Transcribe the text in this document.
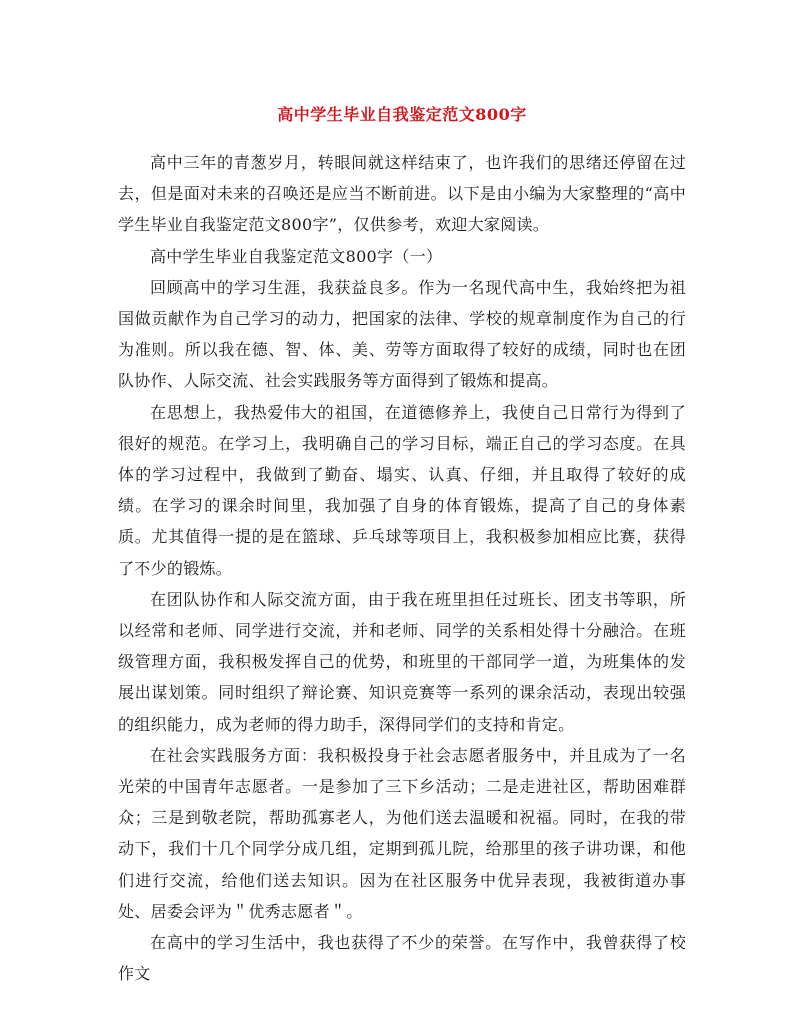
高中学生毕业自我鉴定范文800字

高中三年的青葱岁月，转眼间就这样结束了，也许我们的思绪还停留在过去，但是面对未来的召唤还是应当不断前进。以下是由小编为大家整理的“高中学生毕业自我鉴定范文800字”，仅供参考，欢迎大家阅读。

高中学生毕业自我鉴定范文800字（一）

回顾高中的学习生涯，我获益良多。作为一名现代高中生，我始终把为祖国做贡献作为自己学习的动力，把国家的法律、学校的规章制度作为自己的行为准则。所以我在德、智、体、美、劳等方面取得了较好的成绩，同时也在团队协作、人际交流、社会实践服务等方面得到了锻炼和提高。

在思想上，我热爱伟大的祖国，在道德修养上，我使自己日常行为得到了很好的规范。在学习上，我明确自己的学习目标，端正自己的学习态度。在具体的学习过程中，我做到了勤奋、塌实、认真、仔细，并且取得了较好的成绩。在学习的课余时间里，我加强了自身的体育锻炼，提高了自己的身体素质。尤其值得一提的是在篮球、乒乓球等项目上，我积极参加相应比赛，获得了不少的锻炼。

在团队协作和人际交流方面，由于我在班里担任过班长、团支书等职，所以经常和老师、同学进行交流，并和老师、同学的关系相处得十分融洽。在班级管理方面，我积极发挥自己的优势，和班里的干部同学一道，为班集体的发展出谋划策。同时组织了辩论赛、知识竞赛等一系列的课余活动，表现出较强的组织能力，成为老师的得力助手，深得同学们的支持和肯定。

在社会实践服务方面：我积极投身于社会志愿者服务中，并且成为了一名光荣的中国青年志愿者。一是参加了三下乡活动；二是走进社区，帮助困难群众；三是到敬老院，帮助孤寡老人，为他们送去温暖和祝福。同时，在我的带动下，我们十几个同学分成几组，定期到孤儿院，给那里的孩子讲功课，和他们进行交流，给他们送去知识。因为在社区服务中优异表现，我被街道办事处、居委会评为＂优秀志愿者＂。

在高中的学习生活中，我也获得了不少的荣誉。在写作中，我曾获得了校作文
